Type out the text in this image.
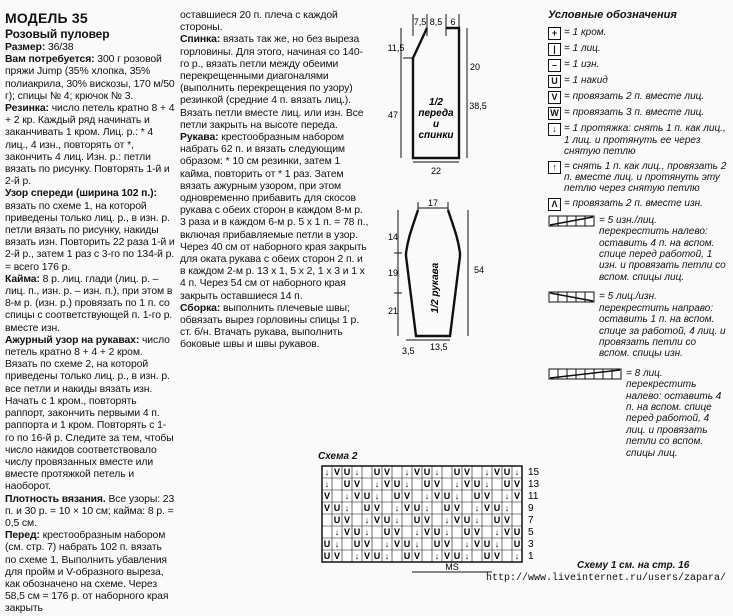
МОДЕЛЬ 35
Розовый пуловер

Размер: 36/38

Вам потребуется: 300 г розовой пряжи Jump (35% хлопка, 35% полиакрила, 30% вискозы, 170 м/50 г); спицы № 4; крючок № 3.

Резинка: число петель кратно 8 + 4 + 2 кр. Каждый ряд начинать и заканчивать 1 кром. Лиц. р.: * 4 лиц., 4 изн., повторять от *, закончить 4 лиц. Изн. р.: петли вязать по рисунку. Повторять 1-й и 2-й р.

Узор спереди (ширина 102 п.): вязать по схеме 1, на которой приведены только лиц. р., в изн. р. петли вязать по рисунку, накиды вязать изн. Повторить 22 раза 1-й и 2-й р., затем 1 раз с 3-го по 134-й р. = всего 176 р.

Кайма: 8 р. лиц. глади (лиц. р. – лиц. п., изн. р. – изн. п.), при этом в 8-м р. (изн. р.) провязать по 1 п. со спицы с соответствующей п. 1-го р. вместе изн.

Ажурный узор на рукавах: число петель кратно 8 + 4 + 2 кром. Вязать по схеме 2, на которой приведены только лиц. р., в изн. р. все петли и накиды вязать изн. Начать с 1 кром., повторять раппорт, закончить первыми 4 п. раппорта и 1 кром. Повторять с 1-го по 16-й р. Следите за тем, чтобы число накидов соответствовало числу провязанных вместе или вместе протяжкой петель и наоборот.

Плотность вязания. Все узоры: 23 п. и 30 р. = 10 × 10 см; кайма: 8 р. = 0,5 см.

Перед: крестообразным набором (см. стр. 7) набрать 102 п. вязать по схеме 1. Выполнить убавления для пройм и V-образного выреза, как обозначено на схеме. Через 58,5 см = 176 р. от наборного края закрыть

оставшиеся 20 п. плеча с каждой стороны.

Спинка: вязать так же, но без выреза горловины. Для этого, начиная со 140-го р., вязать петли между обеими перекрещенными диагоналями (выполнить перекрещения по узору) резинкой (средние 4 п. вязать лиц.). Вязать петли вместе лиц. или изн. Все петли закрыть на высоте переда.

Рукава: крестообразным набором набрать 62 п. и вязать следующим образом: * 10 см резинки, затем 1 кайма, повторить от * 1 раз. Затем вязать ажурным узором, при этом одновременно прибавить для скосов рукава с обеих сторон в каждом 8-м р. 3 раза и в каждом 6-м р. 5 х 1 п. = 78 п., включая прибавляемые петли в узор. Через 40 см от наборного края закрыть для оката рукава с обеих сторон 2 п. и в каждом 2-м р. 13 х 1, 5 х 2, 1 х 3 и 1 х 4 п. Через 54 см от наборного края закрыть оставшиеся 14 п.

Сборка: выполнить плечевые швы; обвязать вырез горловины спицы 1 р. ст. б/н. Втачать рукава, выполнить боковые швы и швы рукавов.

7,5 8,5 6
11,5
47
20
38,5
22
1/2
переда
и
спинки
17
14
19
21
54
3,5 13,5
1/2 рукава
Условные обозначения
+ = 1 кром.
| = 1 лиц.
– = 1 изн.
U = 1 накид
V = провязать 2 п. вместе лиц.
W = провязать 3 п. вместе лиц.
↓ = 1 протяжка: снять 1 п. как лиц., 1 лиц. и протянуть ее через снятую петлю
↑ = снять 1 п. как лиц., провязать 2 п. вместе лиц. и протянуть эту петлю через снятую петлю
Λ = провязать 2 п. вместе изн.
= 5 изн./лиц. перекрестить налево: оставить 4 п. на вспом. спице перед работой, 1 изн. и провязать петли со вспом. спицы лиц.
= 5 лиц./изн. перекрестить направо: оставить 1 п. на вспом. спице за работой, 4 лиц. и провязать петли со вспом. спицы изн.
= 8 лиц. перекрестить налево: оставить 4 п. на вспом. спице перед работой, 4 лиц. и провязать петли со вспом. спицы лиц.
Схема 2
↓ V U ↓ U V ↓ V U ↓ U V ↓ V U ↓
↓ U V ↓ V U ↓ U V ↓ V U ↓ U V
V ↓ V U ↓ U V ↓ V U ↓ U V ↓ V
V U ↓ U V ↓ V U ↓ U V ↓ V U ↓
U V ↓ V U ↓ U V ↓ V U ↓ U V
↓ V U ↓ U V ↓ V U ↓ U V ↓ V U
U ↓ U V ↓ V U ↓ U V ↓ V U ↓ U
U V ↓ V U ↓ U V ↓ V U ↓ U V ↓
15
13
11
9
7
5
3
1
MS	Схему 1 см. на стр. 16
http://www.liveinternet.ru/users/zapara/
